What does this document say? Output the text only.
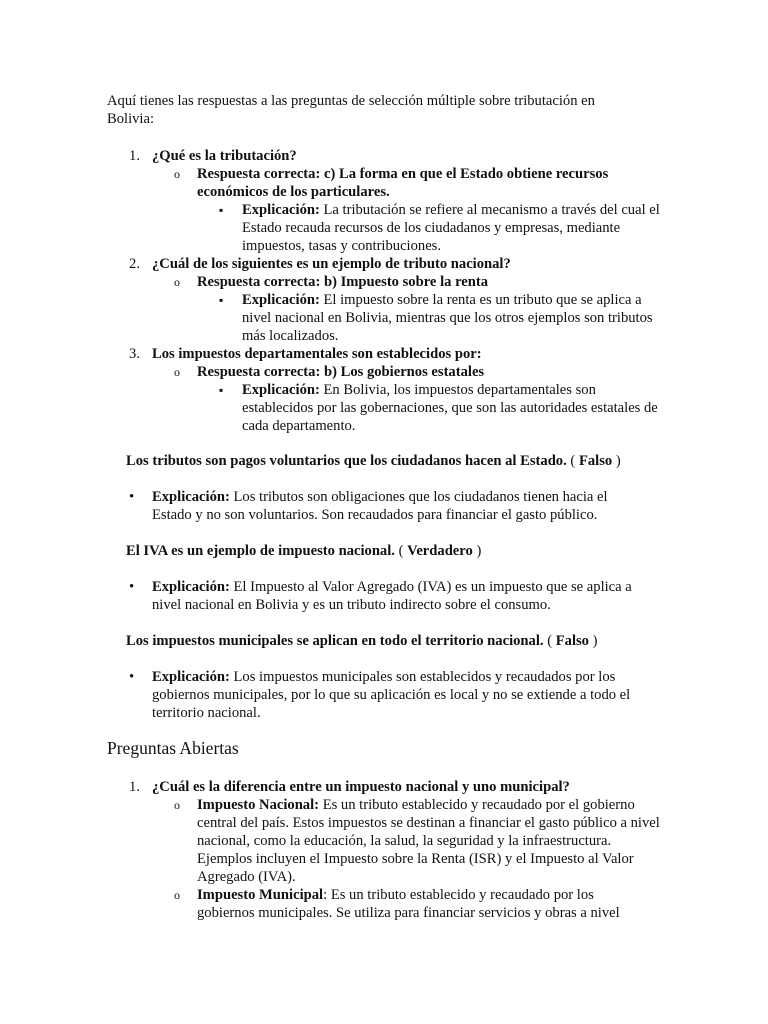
Aquí tienes las respuestas a las preguntas de selección múltiple sobre tributación en Bolivia:

1. ¿Qué es la tributación?
o Respuesta correcta: c) La forma en que el Estado obtiene recursos económicos de los particulares.
▪ Explicación: La tributación se refiere al mecanismo a través del cual el Estado recauda recursos de los ciudadanos y empresas, mediante impuestos, tasas y contribuciones.
2. ¿Cuál de los siguientes es un ejemplo de tributo nacional?
o Respuesta correcta: b) Impuesto sobre la renta
▪ Explicación: El impuesto sobre la renta es un tributo que se aplica a nivel nacional en Bolivia, mientras que los otros ejemplos son tributos más localizados.
3. Los impuestos departamentales son establecidos por:
o Respuesta correcta: b) Los gobiernos estatales
▪ Explicación: En Bolivia, los impuestos departamentales son establecidos por las gobernaciones, que son las autoridades estatales de cada departamento.
Los tributos son pagos voluntarios que los ciudadanos hacen al Estado. ( Falso )
• Explicación: Los tributos son obligaciones que los ciudadanos tienen hacia el Estado y no son voluntarios. Son recaudados para financiar el gasto público.
El IVA es un ejemplo de impuesto nacional. ( Verdadero )
• Explicación: El Impuesto al Valor Agregado (IVA) es un impuesto que se aplica a nivel nacional en Bolivia y es un tributo indirecto sobre el consumo.
Los impuestos municipales se aplican en todo el territorio nacional. ( Falso )
• Explicación: Los impuestos municipales son establecidos y recaudados por los gobiernos municipales, por lo que su aplicación es local y no se extiende a todo el territorio nacional.
Preguntas Abiertas
1. ¿Cuál es la diferencia entre un impuesto nacional y uno municipal?
o Impuesto Nacional: Es un tributo establecido y recaudado por el gobierno central del país. Estos impuestos se destinan a financiar el gasto público a nivel nacional, como la educación, la salud, la seguridad y la infraestructura. Ejemplos incluyen el Impuesto sobre la Renta (ISR) y el Impuesto al Valor Agregado (IVA).
o Impuesto Municipal: Es un tributo establecido y recaudado por los gobiernos municipales. Se utiliza para financiar servicios y obras a nivel
